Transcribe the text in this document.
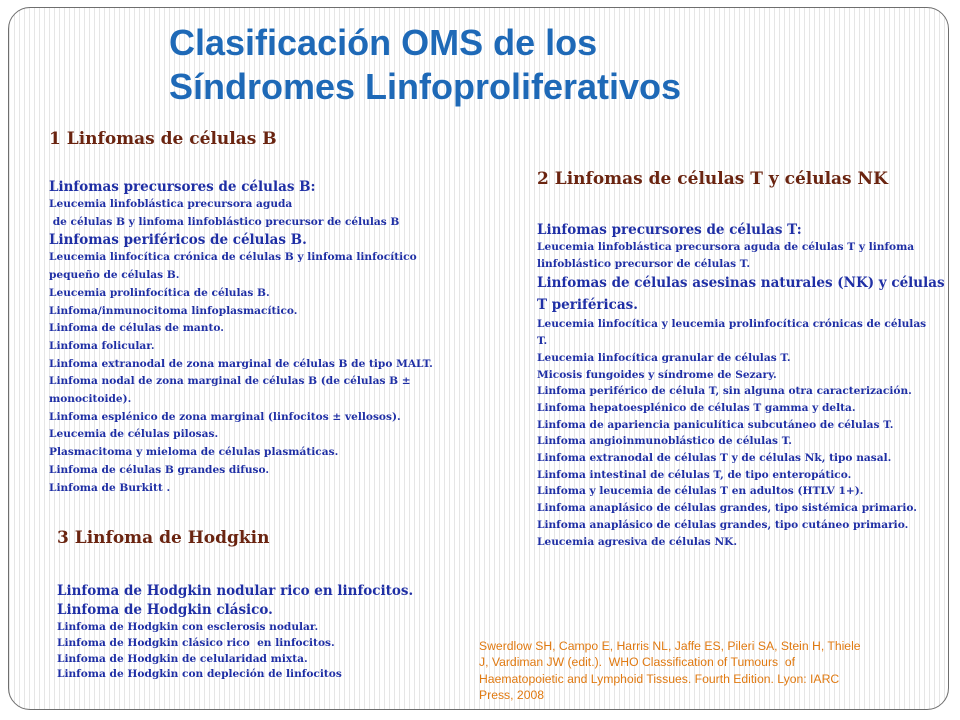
Clasificación OMS de los
Síndromes Linfoproliferativos
1 Linfomas de células B
Linfomas precursores de células B:
Leucemia linfoblástica precursora aguda
de células B y linfoma linfoblástico precursor de células B
Linfomas periféricos de células B.
Leucemia linfocítica crónica de células B y linfoma linfocítico
pequeño de células B.
Leucemia prolinfocítica de células B.
Linfoma/inmunocitoma linfoplasmacítico.
Linfoma de células de manto.
Linfoma folicular.
Linfoma extranodal de zona marginal de células B de tipo MALT.
Linfoma nodal de zona marginal de células B (de células B ±
monocitoide).
Linfoma esplénico de zona marginal (linfocitos ± vellosos).
Leucemia de células pilosas.
Plasmacitoma y mieloma de células plasmáticas.
Linfoma de células B grandes difuso.
Linfoma de Burkitt .
2 Linfomas de células T y células NK
Linfomas precursores de células T:
Leucemia linfoblástica precursora aguda de células T y linfoma
linfoblástico precursor de células T.
Linfomas de células asesinas naturales (NK) y células
T periféricas.
Leucemia linfocítica y leucemia prolinfocítica crónicas de células
T.
Leucemia linfocítica granular de células T.
Micosis fungoides y síndrome de Sezary.
Linfoma periférico de célula T, sin alguna otra caracterización.
Linfoma hepatoesplénico de células T gamma y delta.
Linfoma de apariencia paniculítica subcutáneo de células T.
Linfoma angioinmunoblástico de células T.
Linfoma extranodal de células T y de células Nk, tipo nasal.
Linfoma intestinal de células T, de tipo enteropático.
Linfoma y leucemia de células T en adultos (HTLV 1+).
Linfoma anaplásico de células grandes, tipo sistémica primario.
Linfoma anaplásico de células grandes, tipo cutáneo primario.
Leucemia agresiva de células NK.
3 Linfoma de Hodgkin
Linfoma de Hodgkin nodular rico en linfocitos.
Linfoma de Hodgkin clásico.
Linfoma de Hodgkin con esclerosis nodular.
Linfoma de Hodgkin clásico rico  en linfocitos.
Linfoma de Hodgkin de celularidad mixta.
Linfoma de Hodgkin con depleción de linfocitos
Swerdlow SH, Campo E, Harris NL, Jaffe ES, Pileri SA, Stein H, Thiele
J, Vardiman JW (edit.).  WHO Classification of Tumours  of
Haematopoietic and Lymphoid Tissues. Fourth Edition. Lyon: IARC
Press, 2008
